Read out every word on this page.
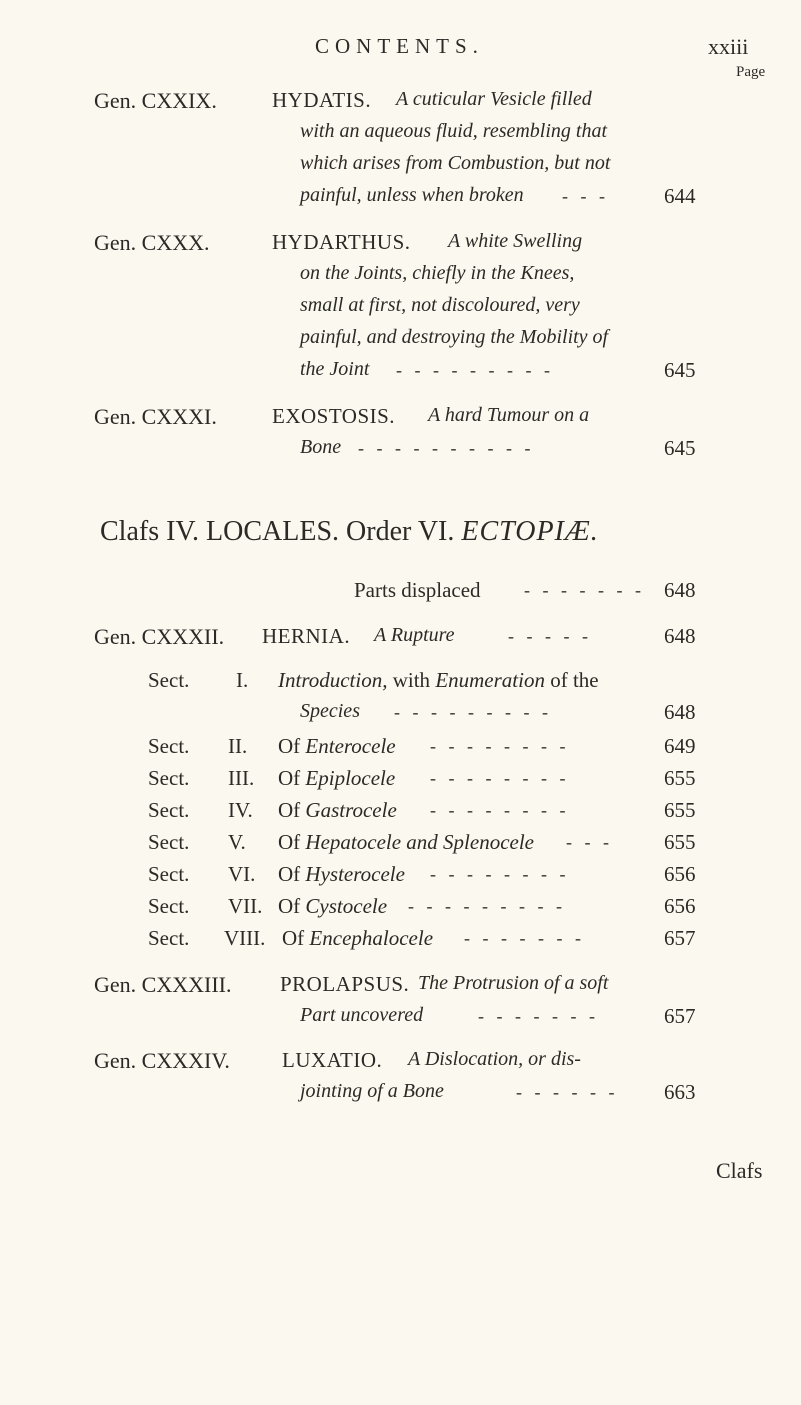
CONTENTS.	xxiii
Page
Gen. CXXIX.	HYDATIS. A cuticular Vesicle filled
with an aqueous fluid, resembling that
which arises from Combustion, but not
painful, unless when broken - - -	644
Gen. CXXX.	HYDARTHUS. A white Swelling
on the Joints, chiefly in the Knees,
small at first, not discoloured, very
painful, and destroying the Mobility of
the Joint - - - - - - - - -	645
Gen. CXXXI.	EXOSTOSIS. A hard Tumour on a
Bone - - - - - - - - - -	645
Clafs IV. LOCALES. Order VI. ECTOPIÆ.
Parts displaced - - - - - - - 648
Gen. CXXXII. HERNIA. A Rupture	- - - - -	648
Sect. I. Introduction, with Enumeration of the
Species - - - - - - - - -	648
Sect. II. Of Enterocele - - - - - - - -	649
Sect. III. Of Epiplocele - - - - - - - -	655
Sect. IV. Of Gastrocele - - - - - - - -	655
Sect. V. Of Hepatocele and Splenocele - - - 655
Sect. VI. Of Hysterocele - - - - - - - -	656
Sect. VII. Of Cystocele - - - - - - - - -	656
Sect. VIII. Of Encephalocele - - - - - - -	657
Gen. CXXXIII. PROLAPSUS. The Protrusion of a soft
Part uncovered	- - - - - - -	657
Gen. CXXXIV. LUXATIO. A Dislocation, or dis-
jointing of a Bone	- - - - - - 663
Clafs
